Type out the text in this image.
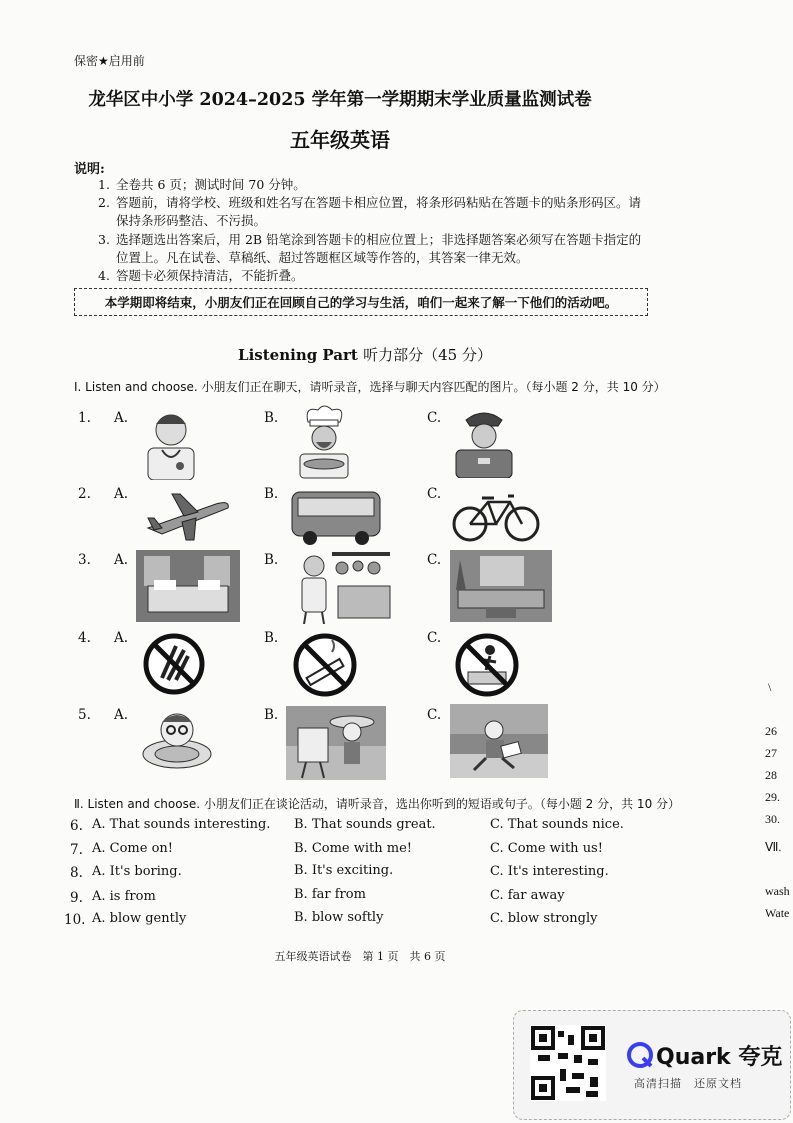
保密★启用前
龙华区中小学 2024–2025 学年第一学期期末学业质量监测试卷
五年级英语
说明:
1. 全卷共 6 页；测试时间 70 分钟。
2. 答题前，请将学校、班级和姓名写在答题卡相应位置，将条形码粘贴在答题卡的贴条形码区。请保持条形码整洁、不污损。
3. 选择题选出答案后，用 2B 铅笔涂到答题卡的相应位置上；非选择题答案必须写在答题卡指定的位置上。凡在试卷、草稿纸、超过答题框区域等作答的，其答案一律无效。
4. 答题卡必须保持清洁，不能折叠。
本学期即将结束，小朋友们正在回顾自己的学习与生活，咱们一起来了解一下他们的活动吧。
Listening Part 听力部分（45 分）
Ⅰ. Listen and choose. 小朋友们正在聊天，请听录音，选择与聊天内容匹配的图片。（每小题 2 分，共 10 分）
1. A.	B.	C.
2. A.	B.	C.
3. A.	B.	C.
4. A.	B.	C.
5. A.	B.	C.
Ⅱ. Listen and choose. 小朋友们正在谈论活动，请听录音，选出你听到的短语或句子。（每小题 2 分，共 10 分）
6. A. That sounds interesting. B. That sounds great.	C. That sounds nice.
7. A. Come on!	B. Come with me!	C. Come with us!
8. A. It's boring.	B. It's exciting.	C. It's interesting.
9. A. is from	B. far from	C. far away
10. A. blow gently	B. blow softly	C. blow strongly
五年级英语试卷　第 1 页　共 6 页
\
26
27
28
29.
30.
Ⅶ.
wash
Wate
Quark 夸克
高清扫描　还原文档
